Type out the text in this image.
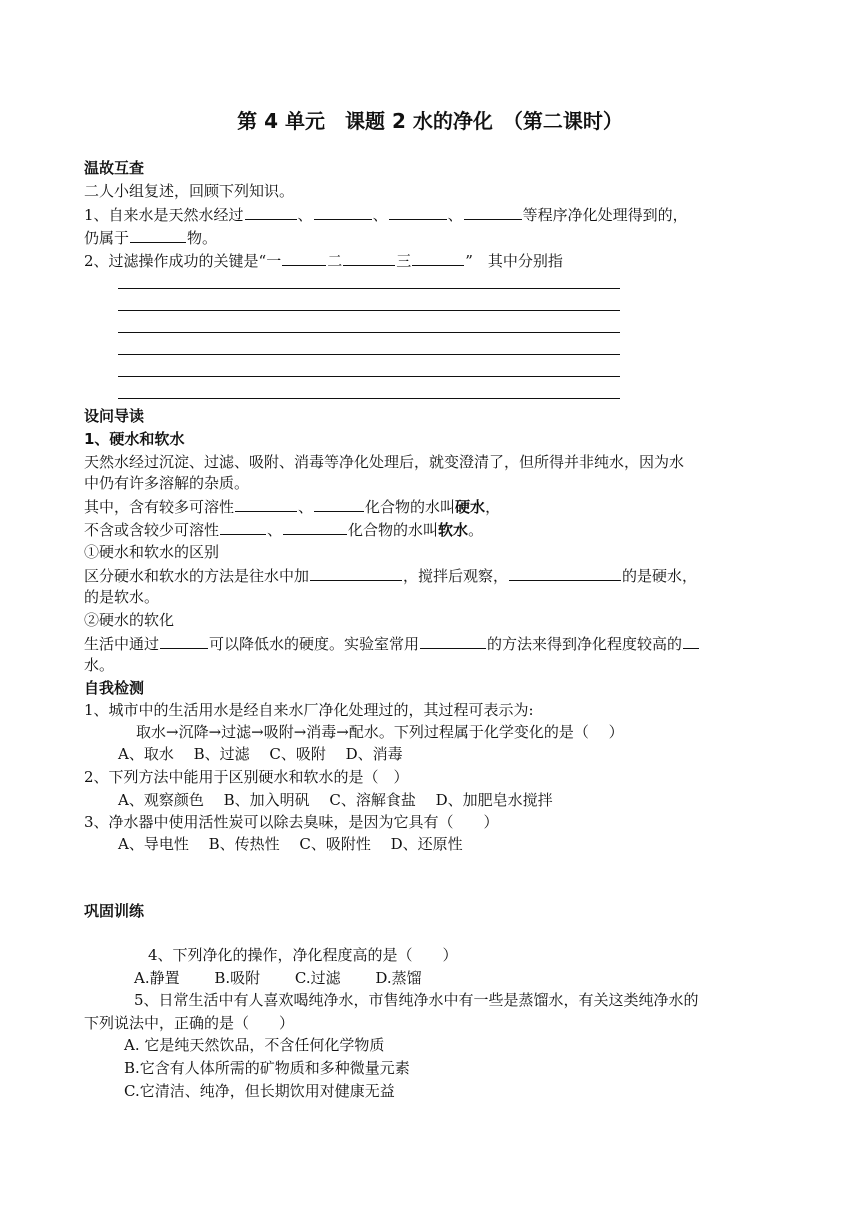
第 4 单元　课题 2 水的净化　（第二课时）
温故互查
二人小组复述，回顾下列知识。
1、自来水是天然水经过	、	、	、	等程序净化处理得到的，
仍属于	物。
2、过滤操作成功的关键是“一	二	三	”　其中分别指
设问导读
1、硬水和软水
天然水经过沉淀、过滤、吸附、消毒等净化处理后，就变澄清了，但所得并非纯水，因为水
中仍有许多溶解的杂质。
其中，含有较多可溶性	、	化合物的水叫硬水，
不含或含较少可溶性	、	化合物的水叫软水。
①硬水和软水的区别
区分硬水和软水的方法是往水中加	，搅拌后观察，	的是硬水，
的是软水。
②硬水的软化
生活中通过	可以降低水的硬度。实验室常用	的方法来得到净化程度较高的
水。
自我检测
1、城市中的生活用水是经自来水厂净化处理过的，其过程可表示为:
取水→沉降→过滤→吸附→消毒→配水。下列过程属于化学变化的是（　 ）
A、取水　 B、过滤　 C、吸附　 D、消毒
2、下列方法中能用于区别硬水和软水的是（　）
A、观察颜色　 B、加入明矾　 C、溶解食盐　 D、加肥皂水搅拌
3、净水器中使用活性炭可以除去臭味，是因为它具有（　　）
A、导电性　 B、传热性　 C、吸附性　 D、还原性
巩固训练
4、下列净化的操作，净化程度高的是（　　）
A.静置　　 B.吸附　　 C.过滤　　 D.蒸馏
5、日常生活中有人喜欢喝纯净水，市售纯净水中有一些是蒸馏水，有关这类纯净水的
下列说法中，正确的是（　　）
A. 它是纯天然饮品，不含任何化学物质
B.它含有人体所需的矿物质和多种微量元素
C.它清洁、纯净，但长期饮用对健康无益
